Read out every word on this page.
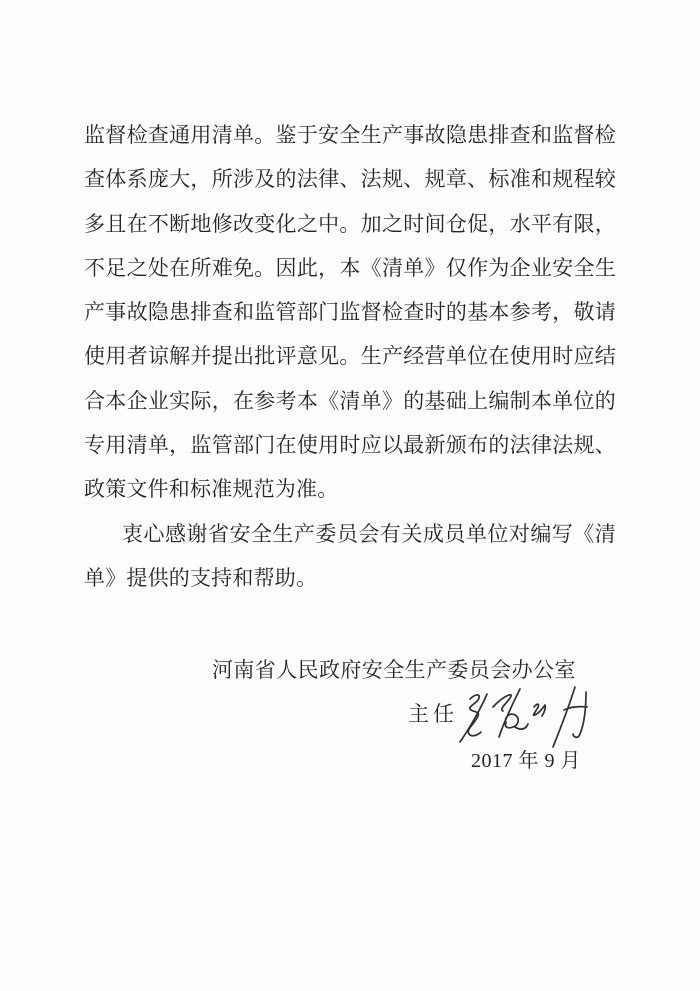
监督检查通用清单。鉴于安全生产事故隐患排查和监督检
查体系庞大，所涉及的法律、法规、规章、标准和规程较
多且在不断地修改变化之中。加之时间仓促，水平有限，
不足之处在所难免。因此，本《清单》仅作为企业安全生
产事故隐患排查和监管部门监督检查时的基本参考，敬请
使用者谅解并提出批评意见。生产经营单位在使用时应结
合本企业实际，在参考本《清单》的基础上编制本单位的
专用清单，监管部门在使用时应以最新颁布的法律法规、
政策文件和标准规范为准。
衷心感谢省安全生产委员会有关成员单位对编写《清
单》提供的支持和帮助。
河南省人民政府安全生产委员会办公室
主任
2017 年 9 月
